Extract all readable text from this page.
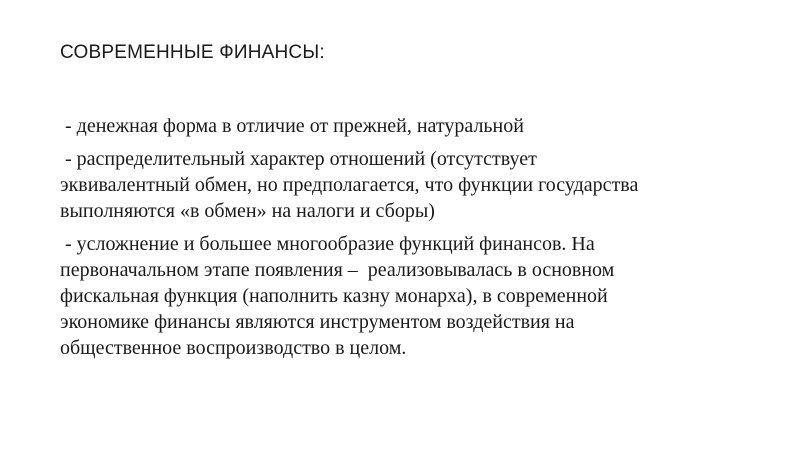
СОВРЕМЕННЫЕ ФИНАНСЫ:
- денежная форма в отличие от прежней, натуральной
- распределительный характер отношений (отсутствует
эквивалентный обмен, но предполагается, что функции государства
выполняются «в обмен» на налоги и сборы)
- усложнение и большее многообразие функций финансов. На
первоначальном этапе появления –  реализовывалась в основном
фискальная функция (наполнить казну монарха), в современной
экономике финансы являются инструментом воздействия на
общественное воспроизводство в целом.
